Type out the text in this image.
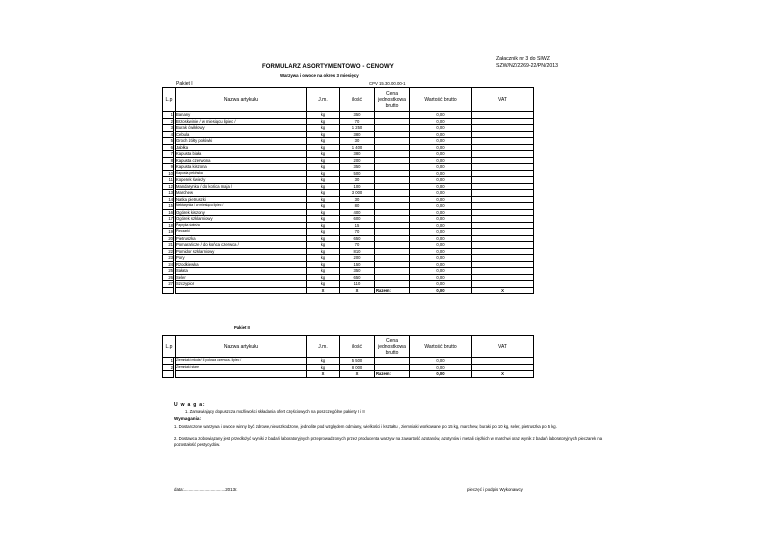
Załacznik nr 3 do SIWZ
SZW/NZ/2269-22/PN/2013
FORMULARZ ASORTYMENTOWO - CENOWY
Warzywa i owoce na okres 3 miesięcy
Pakiet I	CPV 15.30.00.00-1
L.p		Nazwa artykułu	J.m.	ilość	Cena jednostkowa brutto	Wartość brutto	VAT
1		Banany	kg	350		0,00	
2		Brzoskwinie / w miesiącu lipiec /	kg	70		0,00	
3		Burak ćwikłowy	kg	1 250		0,00	
4		Cebula	kg	380		0,00	
5		Groch żółty połówki	kg	30		0,00	
6		Jabłka	kg	1 400		0,00	
7		Kapusta biała	kg	380		0,00	
8		Kapusta czerwona	kg	200		0,00	
9		Kapusta kiszona	kg	350		0,00	
10		Kapusta pekińska	kg	500		0,00	
11		Koperek świeży	kg	30		0,00	
12		Mandarynka / do końca maja /	kg	100		0,00	
13		Marchew	kg	3 000		0,00	
14		Natka pietruszki	kg	30		0,00	
15		Nektarynka / w miesiącu lipiec /	kg	80		0,00	
16		Ogórek kiszony	kg	400		0,00	
17		Ogórek szklarniowy	kg	600		0,00	
18		Papryka świeża	kg	15		0,00	
19		Pieczarki	kg	70		0,00	
20		Pietruszka	kg	650		0,00	
21		Pomarańcze / do końca czerwca /	kg	70		0,00	
22		Pomidor szklarniowy	kg	810		0,00	
23		Pory	kg	200		0,00	
24		Rzodkiewka	kg	150		0,00	
25		Sałata	kg	350		0,00	
26		Seler	kg	650		0,00	
27		Szczypior	kg	110		0,00	
			X	X	Razem:	0,00	X
Pakiet II
L.p		Nazwa artykułu	J.m.	ilość	Cena jednostkowa brutto	Wartość brutto	VAT
1		Ziemniaki młode/ II połowa czerwca- lipiec /	kg	5 500		0,00	
2		Ziemniaki stare	kg	8 000		0,00	
			X	X	Razem:	0,00	X
U w a g a:
1. Zamawiający dopuszcza możliwości składania ofert częściowych na poszczególne pakiety I i II
Wymagania:
1. Dostarczone warzywa i owoce winny być zdrowe,nieuszkodzone, jednolite pod względem odmiany, wielkości i kształtu , ziemniaki workowane po 15 kg, marchew, buraki po 10 kg, seler, pietruszka po 5 kg.
2. Dostawca zobowiązany jest przedłożyć wyniki z badań laboratoryjnych przeprowadzonych przez producenta warzyw na zawartość azotanów, azotynów i metali ciężkich w marchwi oraz wynik z badań laboratoryjnych pieczarek na pozostałość pestycydów.
data:..................................2013r.	pieczęć i podpis Wykonawcy
